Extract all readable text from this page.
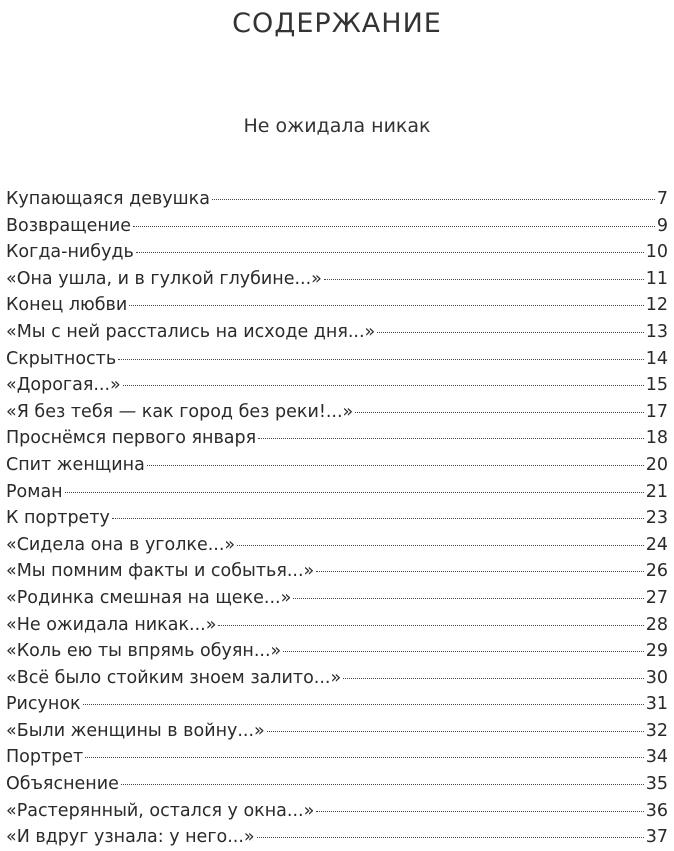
СОДЕРЖАНИЕ
Не ожидала никак
Купающаяся девушка	7
Возвращение	9
Когда-нибудь	10
«Она ушла, и в гулкой глубине...»	11
Конец любви	12
«Мы с ней расстались на исходе дня...»	13
Скрытность	14
«Дорогая...»	15
«Я без тебя — как город без реки!...»	17
Проснёмся первого января	18
Спит женщина	20
Роман	21
К портрету	23
«Сидела она в уголке...»	24
«Мы помним факты и событья...»	26
«Родинка смешная на щеке...»	27
«Не ожидала никак...»	28
«Коль ею ты впрямь обуян...»	29
«Всё было стойким зноем залито...»	30
Рисунок	31
«Были женщины в войну...»	32
Портрет	34
Объяснение	35
«Растерянный, остался у окна...»	36
«И вдруг узнала: у него...»	37
